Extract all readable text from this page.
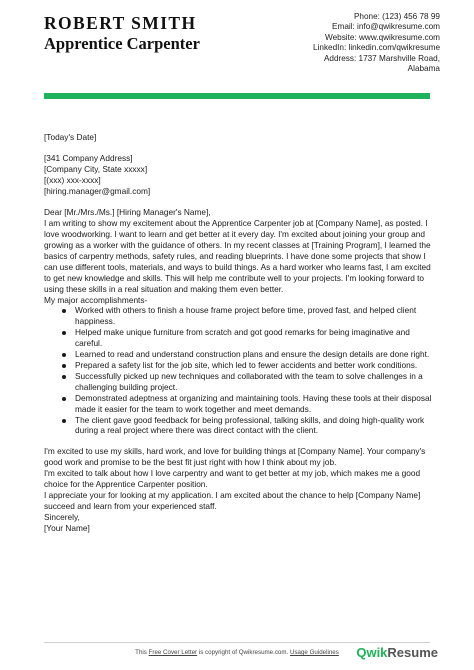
ROBERT SMITH
Apprentice Carpenter
Phone: (123) 456 78 99
Email: info@qwikresume.com
Website: www.qwikresume.com
LinkedIn: linkedin.com/qwikresume
Address: 1737 Marshville Road,
Alabama

[Today's Date]

[341 Company Address]

[Company City, State xxxxx]

[(xxx) xxx-xxxx]

[hiring.manager@gmail.com]

Dear [Mr./Mrs./Ms.] [Hiring Manager's Name],

I am writing to show my excitement about the Apprentice Carpenter job at [Company Name], as posted. I love woodworking. I want to learn and get better at it every day. I'm excited about joining your group and growing as a worker with the guidance of others. In my recent classes at [Training Program], I learned the basics of carpentry methods, safety rules, and reading blueprints. I have done some projects that show I can use different tools, materials, and ways to build things. As a hard worker who learns fast, I am excited to get new knowledge and skills. This will help me contribute well to your projects. I'm looking forward to using these skills in a real situation and making them even better.

My major accomplishments-

Worked with others to finish a house frame project before time, proved fast, and helped client happiness.
Helped make unique furniture from scratch and got good remarks for being imaginative and careful.
Learned to read and understand construction plans and ensure the design details are done right.
Prepared a safety list for the job site, which led to fewer accidents and better work conditions.
Successfully picked up new techniques and collaborated with the team to solve challenges in a challenging building project.
Demonstrated adeptness at organizing and maintaining tools. Having these tools at their disposal made it easier for the team to work together and meet demands.
The client gave good feedback for being professional, talking skills, and doing high-quality work during a real project where there was direct contact with the client.

I'm excited to use my skills, hard work, and love for building things at [Company Name]. Your company's good work and promise to be the best fit just right with how I think about my job.

I'm excited to talk about how I love carpentry and want to get better at my job, which makes me a good choice for the Apprentice Carpenter position.

I appreciate your for looking at my application. I am excited about the chance to help [Company Name] succeed and learn from your experienced staff.

Sincerely,

[Your Name]

This Free Cover Letter is copyright of Qwikresume.com. Usage Guidelines	QwikResume
